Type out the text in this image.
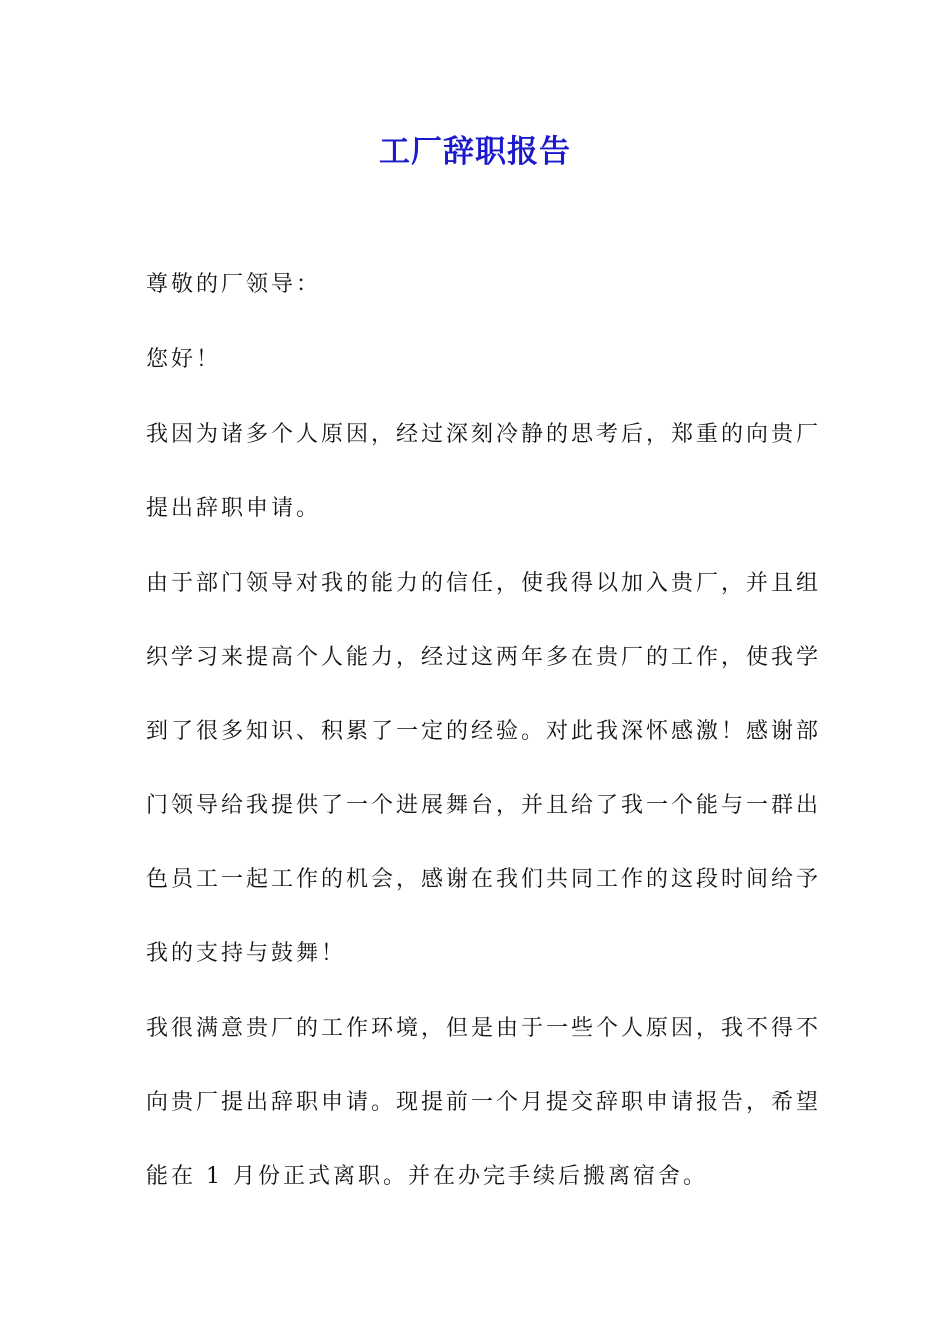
工厂辞职报告

尊敬的厂领导：

您好！

我因为诸多个人原因，经过深刻冷静的思考后，郑重的向贵厂
提出辞职申请。
由于部门领导对我的能力的信任，使我得以加入贵厂，并且组
织学习来提高个人能力，经过这两年多在贵厂的工作，使我学
到了很多知识、积累了一定的经验。对此我深怀感激！感谢部
门领导给我提供了一个进展舞台，并且给了我一个能与一群出
色员工一起工作的机会，感谢在我们共同工作的这段时间给予
我的支持与鼓舞！
我很满意贵厂的工作环境，但是由于一些个人原因，我不得不
向贵厂提出辞职申请。现提前一个月提交辞职申请报告，希望
能在 1 月份正式离职。并在办完手续后搬离宿舍。
